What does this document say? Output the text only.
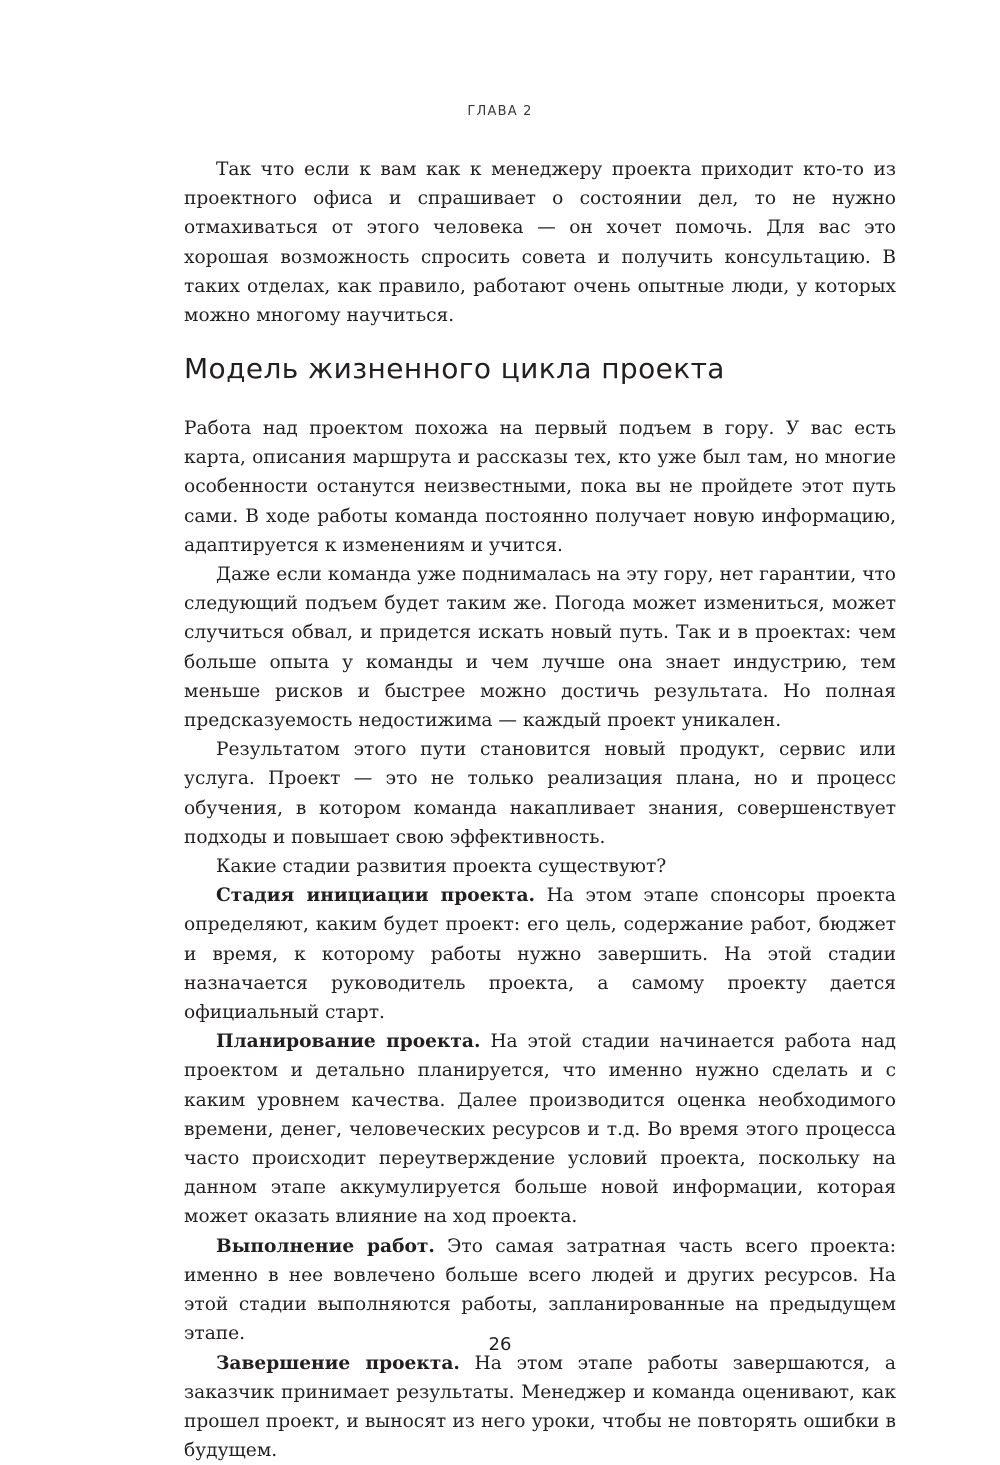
ГЛАВА 2

Так что если к вам как к менеджеру проекта приходит кто-то из проектного офиса и спрашивает о состоянии дел, то не нужно отмахиваться от этого человека — он хочет помочь. Для вас это хорошая возможность спросить совета и получить консультацию. В таких отделах, как правило, работают очень опытные люди, у которых можно многому научиться.

Модель жизненного цикла проекта

Работа над проектом похожа на первый подъем в гору. У вас есть карта, описания маршрута и рассказы тех, кто уже был там, но многие особенности останутся неизвестными, пока вы не пройдете этот путь сами. В ходе работы команда постоянно получает новую информацию, адаптируется к изменениям и учится.

Даже если команда уже поднималась на эту гору, нет гарантии, что следующий подъем будет таким же. Погода может измениться, может случиться обвал, и придется искать новый путь. Так и в проектах: чем больше опыта у команды и чем лучше она знает индустрию, тем меньше рисков и быстрее можно достичь результата. Но полная предсказуемость недостижима — каждый проект уникален.

Результатом этого пути становится новый продукт, сервис или услуга. Проект — это не только реализация плана, но и процесс обучения, в котором команда накапливает знания, совершенствует подходы и повышает свою эффективность.

Какие стадии развития проекта существуют?

Стадия инициации проекта. На этом этапе спонсоры проекта определяют, каким будет проект: его цель, содержание работ, бюджет и время, к которому работы нужно завершить. На этой стадии назначается руководитель проекта, а самому проекту дается официальный старт.

Планирование проекта. На этой стадии начинается работа над проектом и детально планируется, что именно нужно сделать и с каким уровнем качества. Далее производится оценка необходимого времени, денег, человеческих ресурсов и т.д. Во время этого процесса часто происходит переутверждение условий проекта, поскольку на данном этапе аккумулируется больше новой информации, которая может оказать влияние на ход проекта.

Выполнение работ. Это самая затратная часть всего проекта: именно в нее вовлечено больше всего людей и других ресурсов. На этой стадии выполняются работы, запланированные на предыдущем этапе.

Завершение проекта. На этом этапе работы завершаются, а заказчик принимает результаты. Менеджер и команда оценивают, как прошел проект, и выносят из него уроки, чтобы не повторять ошибки в будущем.

26
